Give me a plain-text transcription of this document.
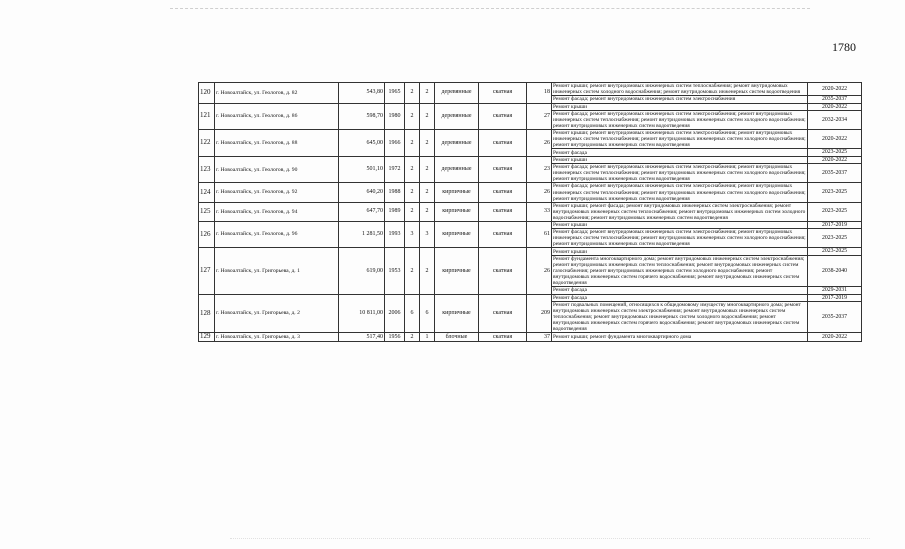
1780
120	г. Новоалтайск, ул. Геологов, д. 82	543,80	1965	2	2	деревянные	скатная	18	Ремонт крыши; ремонт внутридомовых инженерных систем теплоснабжения; ремонт внутридомовых инженерных систем холодного водоснабжения; ремонт внутридомовых инженерных систем водоотведения	2020-2022
									Ремонт фасада; ремонт внутридомовых инженерных систем электроснабжения	2035-2037
121	г. Новоалтайск, ул. Геологов, д. 86	598,70	1980	2	2	деревянные	скатная	27	Ремонт крыши	2020-2022
									Ремонт фасада; ремонт внутридомовых инженерных систем электроснабжения; ремонт внутридомовых инженерных систем теплоснабжения; ремонт внутридомовых инженерных систем холодного водоснабжения; ремонт внутридомовых инженерных систем водоотведения	2032-2034
122	г. Новоалтайск, ул. Геологов, д. 88	645,00	1966	2	2	деревянные	скатная	26	Ремонт крыши; ремонт внутридомовых инженерных систем электроснабжения; ремонт внутридомовых инженерных систем теплоснабжения; ремонт внутридомовых инженерных систем холодного водоснабжения; ремонт внутридомовых инженерных систем водоотведения	2020-2022
									Ремонт фасада	2023-2025
123	г. Новоалтайск, ул. Геологов, д. 90	501,10	1972	2	2	деревянные	скатная	23	Ремонт крыши	2020-2022
									Ремонт фасада; ремонт внутридомовых инженерных систем электроснабжения; ремонт внутридомовых инженерных систем теплоснабжения; ремонт внутридомовых инженерных систем холодного водоснабжения; ремонт внутридомовых инженерных систем водоотведения	2035-2037
124	г. Новоалтайск, ул. Геологов, д. 92	640,20	1988	2	2	кирпичные	скатная	26	Ремонт фасада; ремонт внутридомовых инженерных систем электроснабжения; ремонт внутридомовых инженерных систем теплоснабжения; ремонт внутридомовых инженерных систем холодного водоснабжения; ремонт внутридомовых инженерных систем водоотведения	2023-2025
125	г. Новоалтайск, ул. Геологов, д. 94	647,70	1989	2	2	кирпичные	скатная	33	Ремонт крыши; ремонт фасада; ремонт внутридомовых инженерных систем электроснабжения; ремонт внутридомовых инженерных систем теплоснабжения; ремонт внутридомовых инженерных систем холодного водоснабжения; ремонт внутридомовых инженерных систем водоотведения	2023-2025
126	г. Новоалтайск, ул. Геологов, д. 96	1 281,50	1993	3	3	кирпичные	скатная	61	Ремонт крыши	2017-2019
									Ремонт фасада; ремонт внутридомовых инженерных систем электроснабжения; ремонт внутридомовых инженерных систем теплоснабжения; ремонт внутридомовых инженерных систем холодного водоснабжения; ремонт внутридомовых инженерных систем водоотведения	2023-2025
127	г. Новоалтайск, ул. Григорьева, д. 1	619,00	1953	2	2	кирпичные	скатная	26	Ремонт крыши	2023-2025
									Ремонт фундамента многоквартирного дома; ремонт внутридомовых инженерных систем электроснабжения; ремонт внутридомовых инженерных систем теплоснабжения; ремонт внутридомовых инженерных систем газоснабжения; ремонт внутридомовых инженерных систем холодного водоснабжения; ремонт внутридомовых инженерных систем горячего водоснабжения; ремонт внутридомовых инженерных систем водоотведения	2038-2040
									Ремонт фасада	2029-2031
128	г. Новоалтайск, ул. Григорьева, д. 2	10 811,00	2006	6	6	кирпичные	скатная	209	Ремонт фасада	2017-2019
									Ремонт подвальных помещений, относящихся к общедомовому имуществу многоквартирного дома; ремонт внутридомовых инженерных систем электроснабжения; ремонт внутридомовых инженерных систем теплоснабжения; ремонт внутридомовых инженерных систем холодного водоснабжения; ремонт внутридомовых инженерных систем горячего водоснабжения; ремонт внутридомовых инженерных систем водоотведения	2035-2037
129	г. Новоалтайск, ул. Григорьева, д. 3	517,40	1956	2	1	блочные	скатная	37	Ремонт крыши; ремонт фундамента многоквартирного дома	2020-2022
